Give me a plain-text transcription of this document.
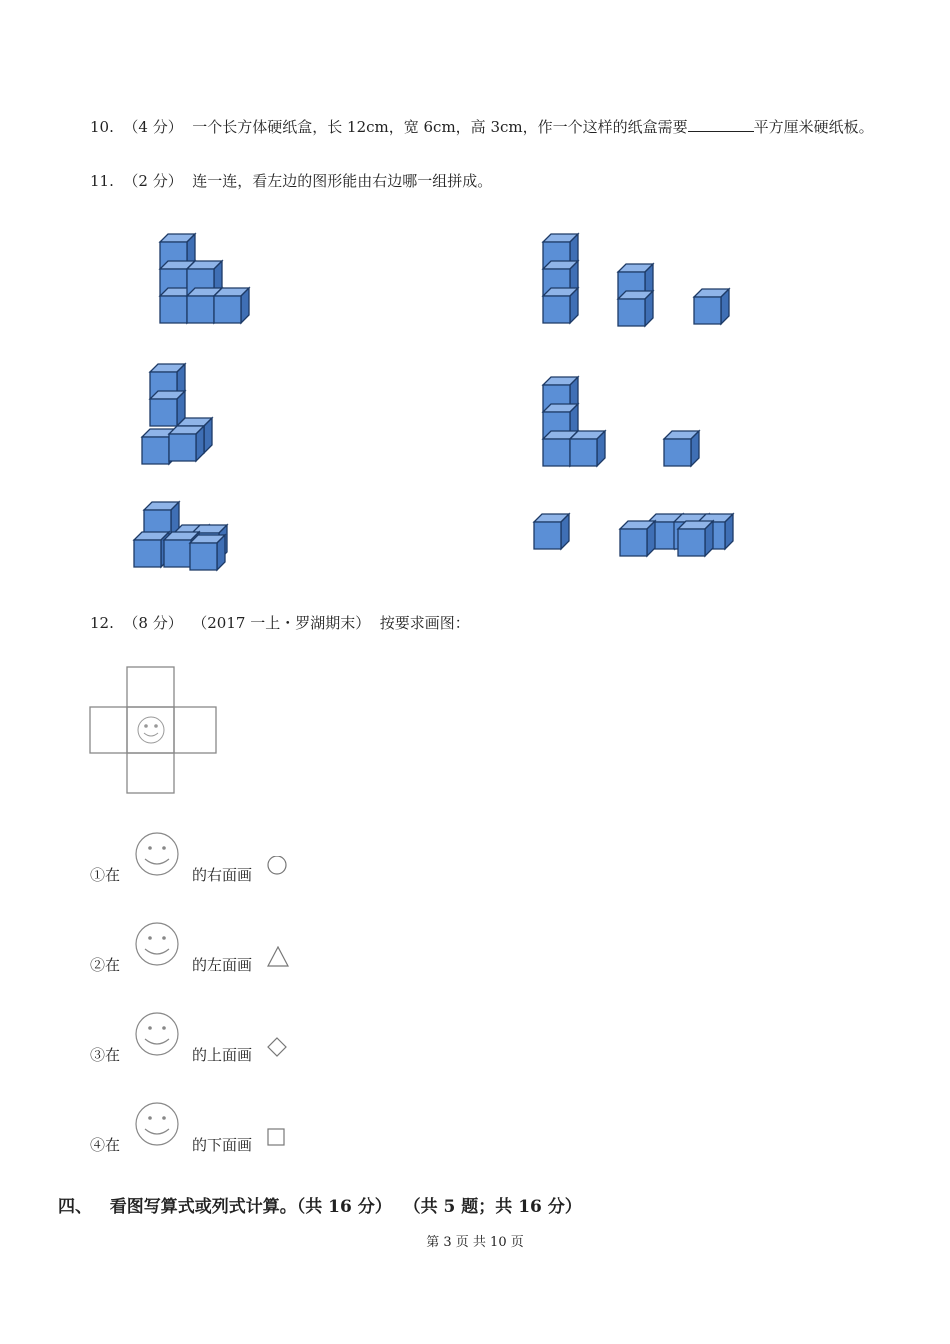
10. （4 分） 一个长方体硬纸盒，长 12cm，宽 6cm，高 3cm，作一个这样的纸盒需要	平方厘米硬纸板。
11. （2 分） 连一连，看左边的图形能由右边哪一组拼成。
12. （8 分） （2017 一上・罗湖期末） 按要求画图：
①在	的右面画
②在	的左面画
③在	的上面画
④在	的下面画
四、 看图写算式或列式计算。（共 16 分） （共 5 题；共 16 分）
第 3 页 共 10 页
